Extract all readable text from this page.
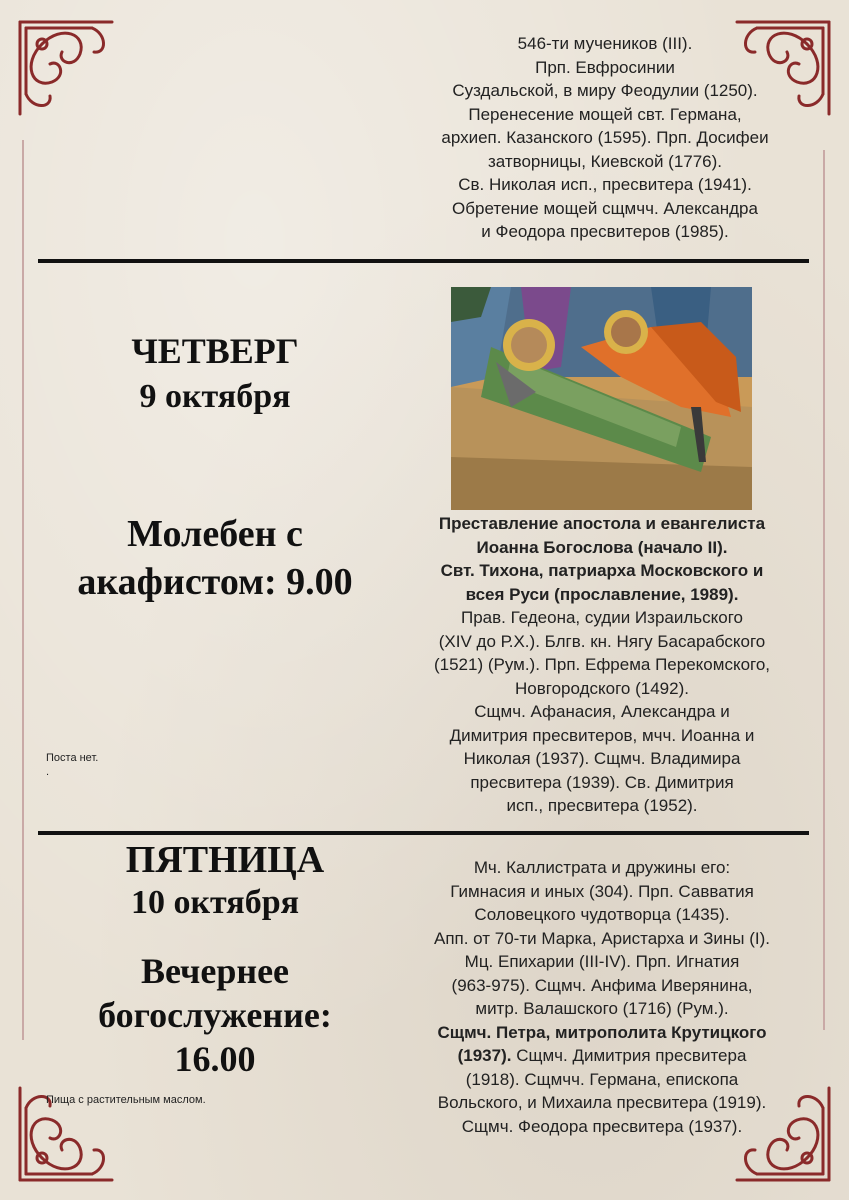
546-ти мучеников (III).
Прп. Евфросинии
Суздальской, в миру Феодулии (1250).
Перенесение мощей свт. Германа,
архиеп. Казанского (1595). Прп. Досифеи
затворницы, Киевской (1776).
Св. Николая исп., пресвитера (1941).
Обретение мощей сщмчч. Александра
и Феодора пресвитеров (1985).
ЧЕТВЕРГ
9 октября
Молебен с
акафистом: 9.00
Поста нет.
.
Преставление апостола и евангелиста
Иоанна Богослова (начало II).
Свт. Тихона, патриарха Московского и
всея Руси (прославление, 1989).
Прав. Гедеона, судии Израильского
(XIV до Р.Х.). Блгв. кн. Нягу Басарабского
(1521) (Рум.). Прп. Ефрема Перекомского,
Новгородского (1492).
Сщмч. Афанасия, Александра и
Димитрия пресвитеров, мчч. Иоанна и
Николая (1937). Сщмч. Владимира
пресвитера (1939). Св. Димитрия
исп., пресвитера (1952).
ПЯТНИЦА
10 октября
Вечернее
богослужение:
16.00
Пища с растительным маслом.
Мч. Каллистрата и дружины его:
Гимнасия и иных (304). Прп. Савватия
Соловецкого чудотворца (1435).
Апп. от 70-ти Марка, Аристарха и Зины (I).
Мц. Епихарии (III-IV). Прп. Игнатия
(963-975). Сщмч. Анфима Иверянина,
митр. Валашского (1716) (Рум.).
Сщмч. Петра, митрополита Крутицкого
(1937). Сщмч. Димитрия пресвитера
(1918). Сщмчч. Германа, епископа
Вольского, и Михаила пресвитера (1919).
Сщмч. Феодора пресвитера (1937).
